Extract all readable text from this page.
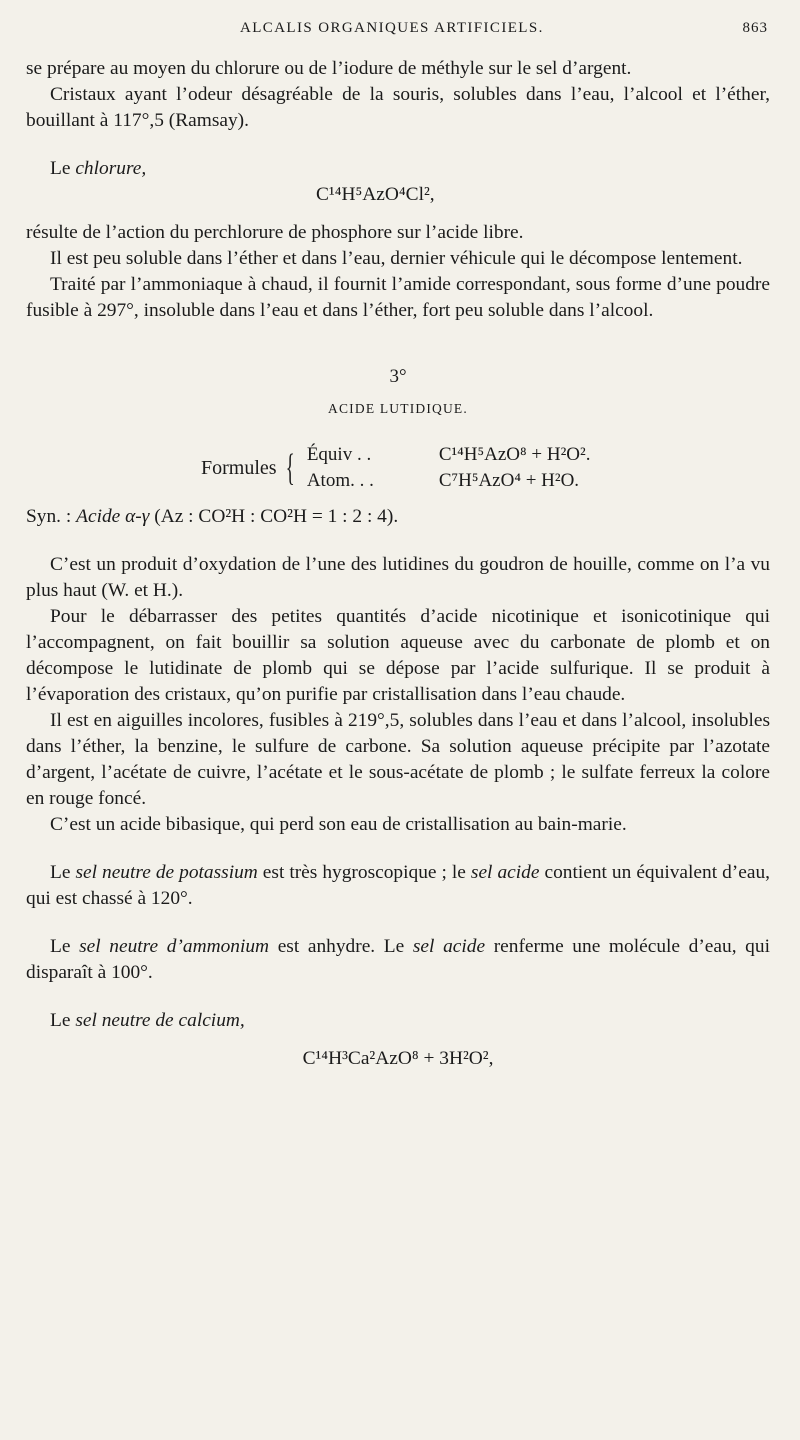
ALCALIS ORGANIQUES ARTIFICIELS.	863

se prépare au moyen du chlorure ou de l’iodure de méthyle sur le sel d’argent.

Cristaux ayant l’odeur désagréable de la souris, solubles dans l’eau, l’alcool et l’éther, bouillant à 117°,5 (Ramsay).

Le chlorure,

C¹⁴H⁵AzO⁴Cl²,

résulte de l’action du perchlorure de phosphore sur l’acide libre.

Il est peu soluble dans l’éther et dans l’eau, dernier véhicule qui le décompose lentement.

Traité par l’ammoniaque à chaud, il fournit l’amide correspondant, sous forme d’une poudre fusible à 297°, insoluble dans l’eau et dans l’éther, fort peu soluble dans l’alcool.

3°
ACIDE LUTIDIQUE.
Formules { Équiv . .	C¹⁴H⁵AzO⁸ + H²O².
Atom. . .	C⁷H⁵AzO⁴ + H²O.

Syn. : Acide α-γ (Az : CO²H : CO²H = 1 : 2 : 4).

C’est un produit d’oxydation de l’une des lutidines du goudron de houille, comme on l’a vu plus haut (W. et H.).

Pour le débarrasser des petites quantités d’acide nicotinique et isonicotinique qui l’accompagnent, on fait bouillir sa solution aqueuse avec du carbonate de plomb et on décompose le lutidinate de plomb qui se dépose par l’acide sulfurique. Il se produit à l’évaporation des cristaux, qu’on purifie par cristallisation dans l’eau chaude.

Il est en aiguilles incolores, fusibles à 219°,5, solubles dans l’eau et dans l’alcool, insolubles dans l’éther, la benzine, le sulfure de carbone. Sa solution aqueuse précipite par l’azotate d’argent, l’acétate de cuivre, l’acétate et le sous-acétate de plomb ; le sulfate ferreux la colore en rouge foncé.

C’est un acide bibasique, qui perd son eau de cristallisation au bain-marie.

Le sel neutre de potassium est très hygroscopique ; le sel acide contient un équivalent d’eau, qui est chassé à 120°.

Le sel neutre d’ammonium est anhydre. Le sel acide renferme une molécule d’eau, qui disparaît à 100°.

Le sel neutre de calcium,

C¹⁴H³Ca²AzO⁸ + 3H²O²,
